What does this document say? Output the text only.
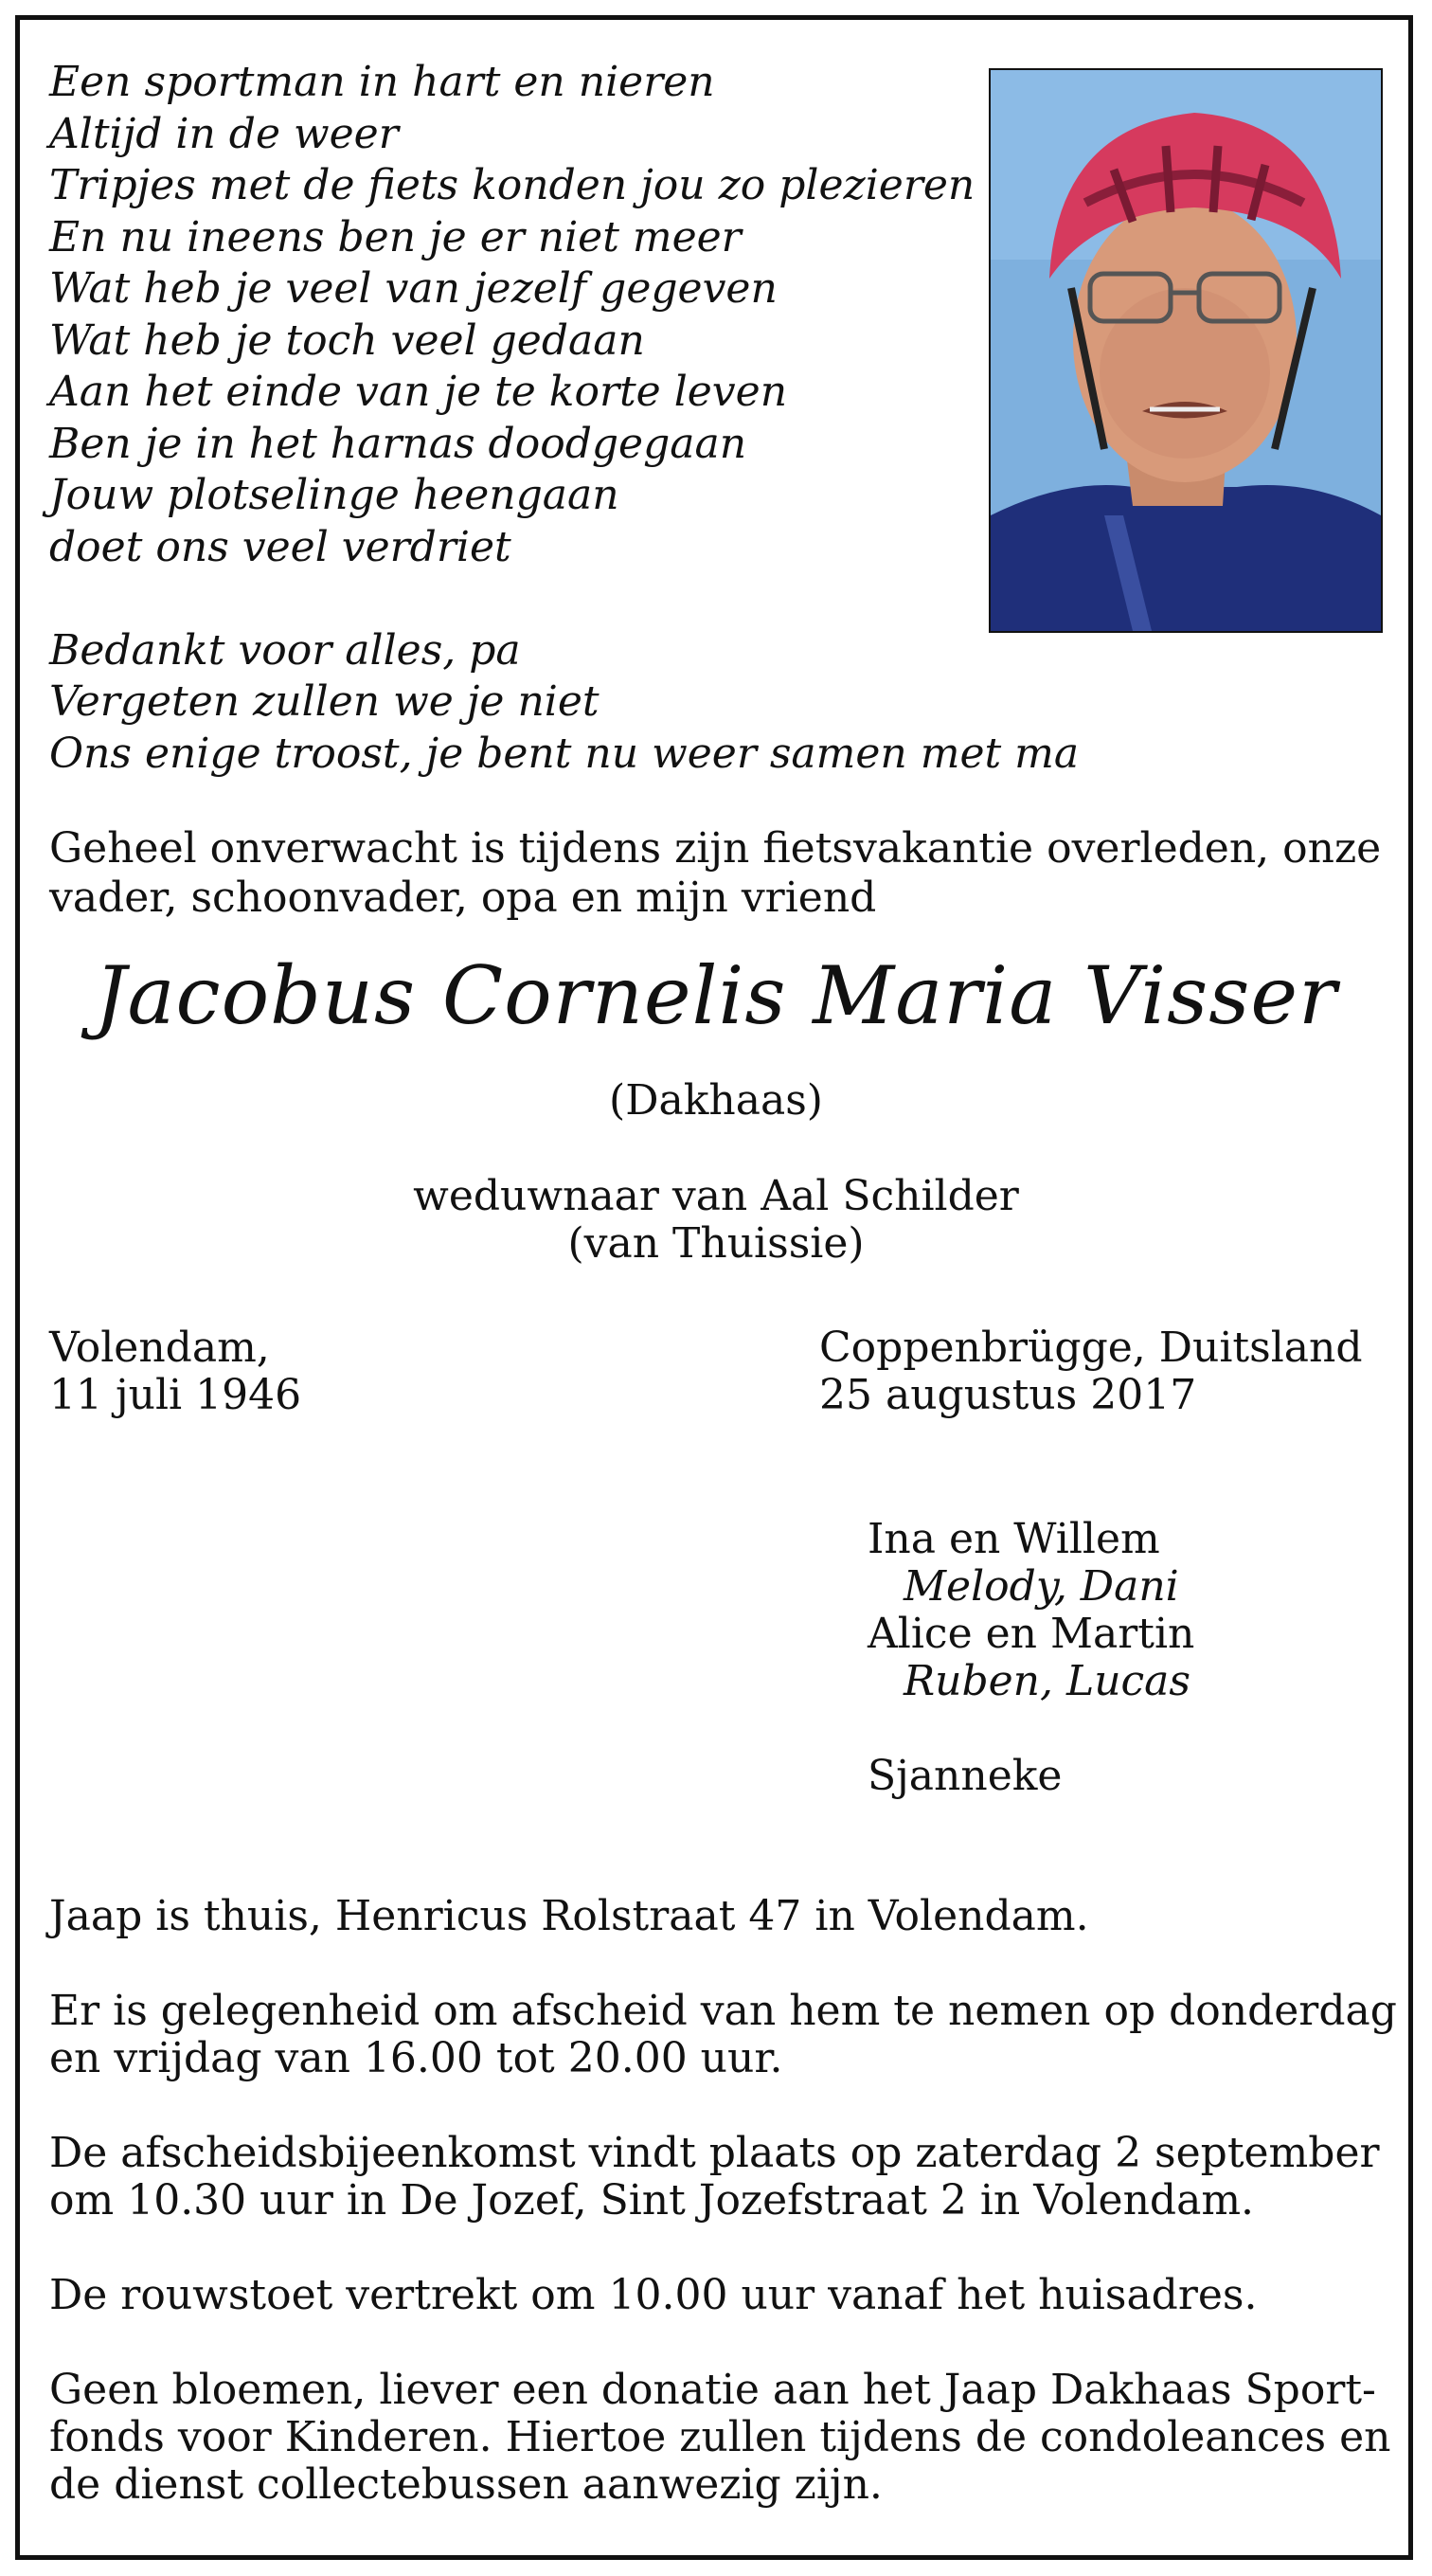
Een sportman in hart en nieren
Altijd in de weer
Tripjes met de fiets konden jou zo plezieren
En nu ineens ben je er niet meer
Wat heb je veel van jezelf gegeven
Wat heb je toch veel gedaan
Aan het einde van je te korte leven
Ben je in het harnas doodgegaan
Jouw plotselinge heengaan
doet ons veel verdriet
Bedankt voor alles, pa
Vergeten zullen we je niet
Ons enige troost, je bent nu weer samen met ma
Geheel onverwacht is tijdens zijn fietsvakantie overleden, onze
vader, schoonvader, opa en mijn vriend
Jacobus Cornelis Maria Visser
(Dakhaas)
weduwnaar van Aal Schilder
(van Thuissie)
Volendam,
11 juli 1946
Coppenbrügge, Duitsland
25 augustus 2017
Ina en Willem
Melody, Dani
Alice en Martin
Ruben, Lucas
Sjanneke

Jaap is thuis, Henricus Rolstraat 47 in Volendam.

Er is gelegenheid om afscheid van hem te nemen op donderdag
en vrijdag van 16.00 tot 20.00 uur.

De afscheidsbijeenkomst vindt plaats op zaterdag 2 september
om 10.30 uur in De Jozef, Sint Jozefstraat 2 in Volendam.

De rouwstoet vertrekt om 10.00 uur vanaf het huisadres.

Geen bloemen, liever een donatie aan het Jaap Dakhaas Sport-
fonds voor Kinderen. Hiertoe zullen tijdens de condoleances en
de dienst collectebussen aanwezig zijn.
